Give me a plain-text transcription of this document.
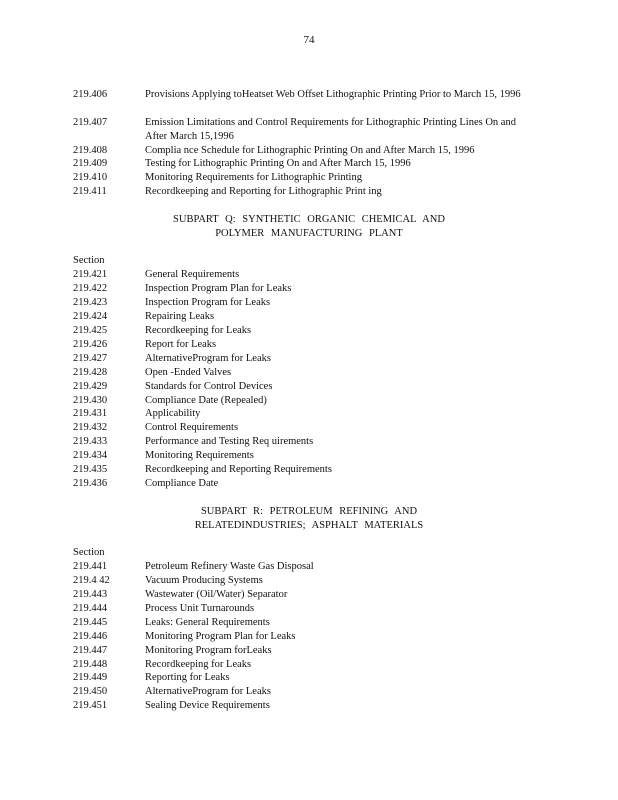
74
219.406	Provisions Applying toHeatset Web Offset Lithographic Printing Prior to March 15, 1996
219.407	Emission Limitations and Control Requirements for Lithographic Printing Lines On and After March 15,1996
219.408	Complia nce Schedule for Lithographic Printing On and After March 15, 1996
219.409	Testing for Lithographic Printing On and After March 15, 1996
219.410	Monitoring Requirements for Lithographic Printing
219.411	Recordkeeping and Reporting for Lithographic Print ing
SUBPART Q: SYNTHETIC ORGANIC CHEMICAL AND
POLYMER MANUFACTURING PLANT
Section
219.421	General Requirements
219.422	Inspection Program Plan for Leaks
219.423	Inspection Program for Leaks
219.424	Repairing Leaks
219.425	Recordkeeping for Leaks
219.426	Report for Leaks
219.427	AlternativeProgram for Leaks
219.428	Open -Ended Valves
219.429	Standards for Control Devices
219.430	Compliance Date (Repealed)
219.431	Applicability
219.432	Control Requirements
219.433	Performance and Testing Req uirements
219.434	Monitoring Requirements
219.435	Recordkeeping and Reporting Requirements
219.436	Compliance Date
SUBPART R: PETROLEUM REFINING AND
RELATEDINDUSTRIES; ASPHALT MATERIALS
Section
219.441	Petroleum Refinery Waste Gas Disposal
219.4 42	Vacuum Producing Systems
219.443	Wastewater (Oil/Water) Separator
219.444	Process Unit Turnarounds
219.445	Leaks: General Requirements
219.446	Monitoring Program Plan for Leaks
219.447	Monitoring Program forLeaks
219.448	Recordkeeping for Leaks
219.449	Reporting for Leaks
219.450	AlternativeProgram for Leaks
219.451	Sealing Device Requirements
